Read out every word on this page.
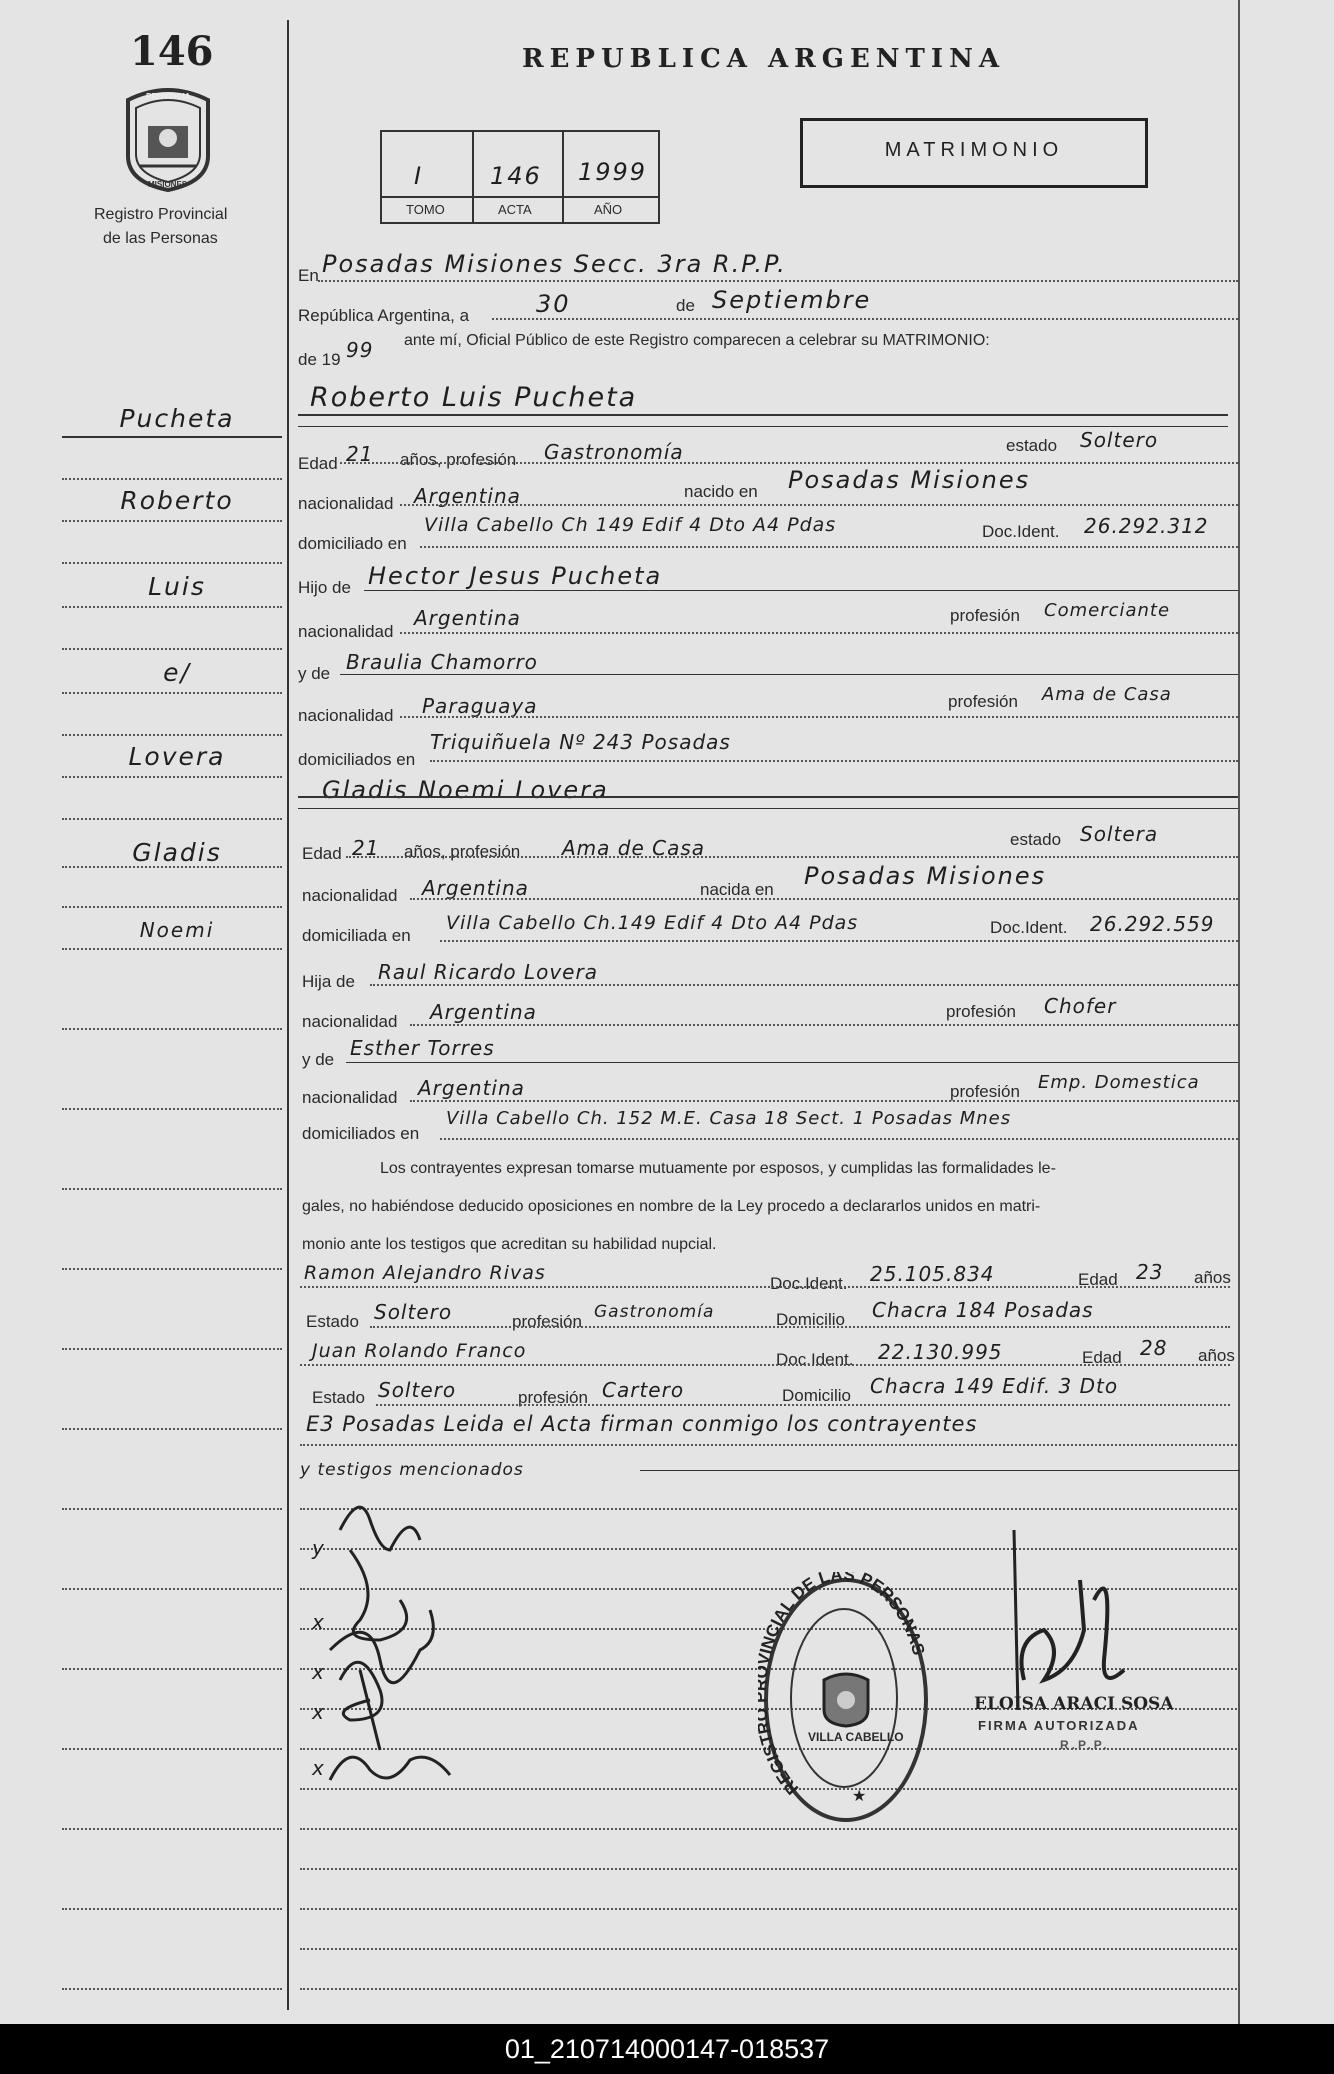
146
PROVINCIA
MISIONES
Registro Provincial
de las Personas
REPUBLICA ARGENTINA
I	146 1999
TOMO	ACTA	AÑO
MATRIMONIO
Pucheta
Roberto
Luis
e/
Lovera
Gladis
Noemi
En Posadas Misiones Secc. 3ra R.P.P.
República Argentina, a	30	de Septiembre
de 19 99 ante mí, Oficial Público de este Registro comparecen a celebrar su MATRIMONIO:
Roberto Luis Pucheta
Edad 21 años, profesión Gastronomía	estado Soltero
nacionalidad Argentina	nacido en Posadas Misiones
domiciliado en
Villa Cabello Ch 149 Edif 4 Dto A4 Pdas	Doc.Ident. 26.292.312
Hijo de Hector Jesus Pucheta
nacionalidad
Argentina	profesión Comerciante
y de Braulia Chamorro
nacionalidad Paraguaya	profesión Ama de Casa
domiciliados en
Triquiñuela Nº 243 Posadas
Gladis Noemi Lovera
Edad 21 años, profesión Ama de Casa	estado Soltera
nacionalidad Argentina	nacida en Posadas Misiones
domiciliada en
Villa Cabello Ch.149 Edif 4 Dto A4 Pdas	Doc.Ident. 26.292.559
Hija de Raul Ricardo Lovera
nacionalidad Argentina	profesión Chofer
y de Esther Torres
nacionalidad Argentina	profesión Emp. Domestica
domiciliados en
Villa Cabello Ch. 152 M.E. Casa 18 Sect. 1 Posadas Mnes
Los contrayentes expresan tomarse mutuamente por esposos, y cumplidas las formalidades le-
gales, no habiéndose deducido oposiciones en nombre de la Ley procedo a declararlos unidos en matri-
monio ante los testigos que acreditan su habilidad nupcial.
Ramon Alejandro Rivas	Doc.Ident. 25.105.834	Edad 23 años
Estado Soltero	profesión Gastronomía	Domicilio Chacra 184 Posadas
Juan Rolando Franco	Doc.Ident. 22.130.995	Edad 28 años
Estado Soltero	profesión Cartero	Domicilio Chacra 149 Edif. 3 Dto
E3 Posadas Leida el Acta firman conmigo los contrayentes
y testigos mencionados
y
x
x
x
x
REGIST INCIAL DE LAS PERSONA
VILLA CABELLO
★
ELOISA ARACI SOSA
FIRMA AUTORIZADA
R.P.P.
01_210714000147-018537
